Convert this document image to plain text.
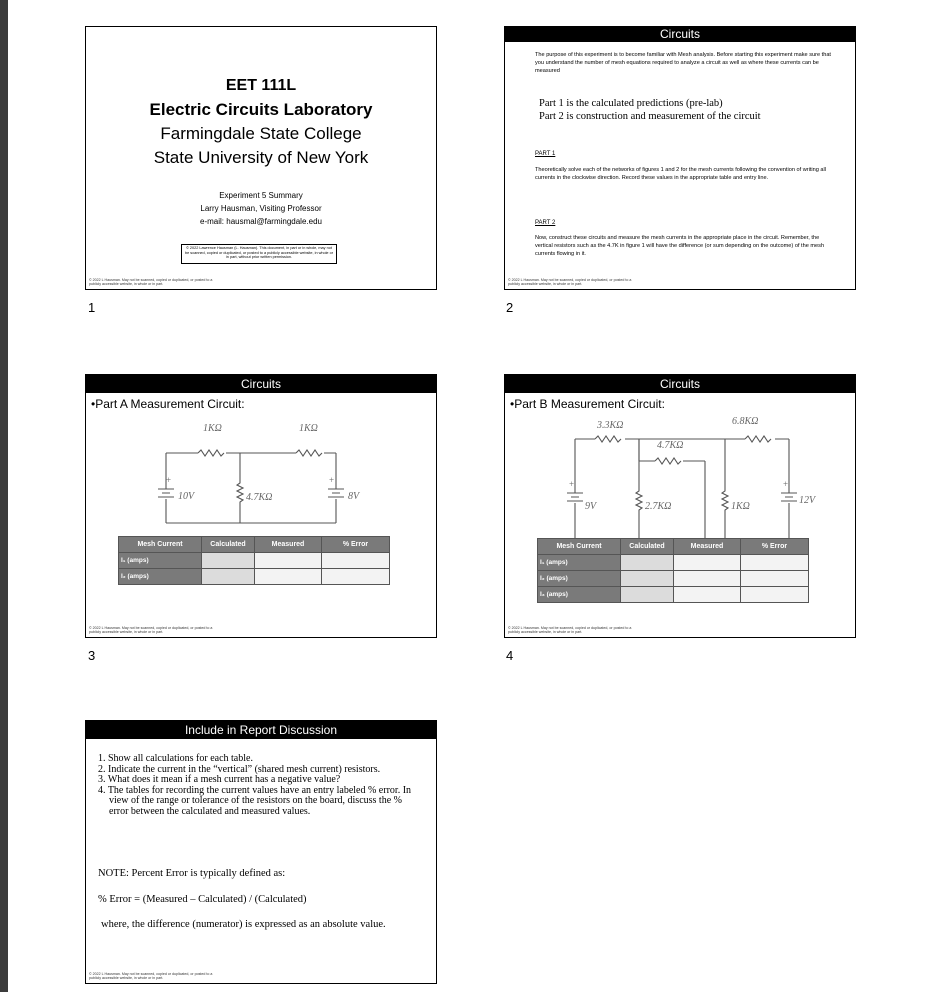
EET 111L
Electric Circuits Laboratory
Farmingdale State College
State University of New York
Experiment 5 Summary
Larry Hausman, Visiting Professor
e-mail: hausmal@farmingdale.edu
© 2022 Lawrence Hausman (L. Hausman). This document, in part or in whole, may not be scanned, copied or duplicated, or posted to a publicly accessible website, in whole or in part, without prior written permission.
© 2022 L Hausman. May not be scanned, copied or duplicated, or posted to a publicly accessible website, in whole or in part.
1
Circuits
The purpose of this experiment is to become familiar with Mesh analysis. Before starting this experiment make sure that you understand the number of mesh equations required to analyze a circuit as well as where these currents can be measured
Part 1 is the calculated predictions (pre-lab)
Part 2 is construction and measurement of the circuit
PART 1
Theoretically solve each of the networks of figures 1 and 2 for the mesh currents following the convention of writing all currents in the clockwise direction. Record these values in the appropriate table and entry line.
PART 2
Now, construct these circuits and measure the mesh currents in the appropriate place in the circuit. Remember, the vertical resistors such as the 4.7K in figure 1 will have the difference (or sum depending on the outcome) of the mesh currents flowing in it.
© 2022 L Hausman. May not be scanned, copied or duplicated, or posted to a publicly accessible website, in whole or in part.
2
Circuits
•Part A Measurement Circuit:
+	+
1KΩ	1KΩ
4.7KΩ
10V	8V
Mesh Current	Calculated	Measured	% Error
I₁ (amps)			
I₂ (amps)			
© 2022 L Hausman. May not be scanned, copied or duplicated, or posted to a publicly accessible website, in whole or in part.
3
Circuits
•Part B Measurement Circuit:
+	+
3.3KΩ	6.8KΩ
4.7KΩ
2.7KΩ	1KΩ
9V
12V
Mesh Current	Calculated	Measured	% Error
I₁ (amps)			
I₂ (amps)			
I₃ (amps)			
© 2022 L Hausman. May not be scanned, copied or duplicated, or posted to a publicly accessible website, in whole or in part.
4
Include in Report Discussion
1. Show all calculations for each table.
2. Indicate the current in the “vertical” (shared mesh current) resistors.
3. What does it mean if a mesh current has a negative value?
4. The tables for recording the current values have an entry labeled % error. In view of the range or tolerance of the resistors on the board, discuss the % error between the calculated and measured values.
NOTE: Percent Error is typically defined as:
% Error = (Measured – Calculated) / (Calculated)
where, the difference (numerator) is expressed as an absolute value.
© 2022 L Hausman. May not be scanned, copied or duplicated, or posted to a publicly accessible website, in whole or in part.
